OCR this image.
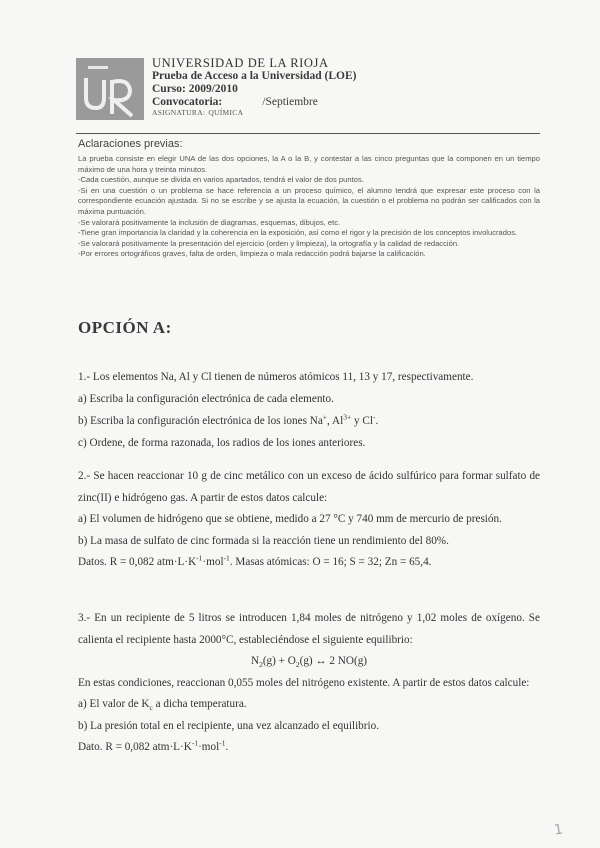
UNIVERSIDAD DE LA RIOJA
Prueba de Acceso a la Universidad (LOE)
Curso: 2009/2010
Convocatoria:	/Septiembre
ASIGNATURA: QUÍMICA
Aclaraciones previas:

La prueba consiste en elegir UNA de las dos opciones, la A o la B, y contestar a las cinco preguntas que la componen en un tiempo máximo de una hora y treinta minutos.

-Cada cuestión, aunque se divida en varios apartados, tendrá el valor de dos puntos.

-Si en una cuestión o un problema se hace referencia a un proceso químico, el alumno tendrá que expresar este proceso con la correspondiente ecuación ajustada. Si no se escribe y se ajusta la ecuación, la cuestión o el problema no podrán ser calificados con la máxima puntuación.

-Se valorará positivamente la inclusión de diagramas, esquemas, dibujos, etc.

-Tiene gran importancia la claridad y la coherencia en la exposición, así como el rigor y la precisión de los conceptos involucrados.

-Se valorará positivamente la presentación del ejercicio (orden y limpieza), la ortografía y la calidad de redacción.

-Por errores ortográficos graves, falta de orden, limpieza o mala redacción podrá bajarse la calificación.

OPCIÓN A:

1.- Los elementos Na, Al y Cl tienen de números atómicos 11, 13 y 17, respectivamente.

a) Escriba la configuración electrónica de cada elemento.

b) Escriba la configuración electrónica de los iones Na+, $Al^{3+}$ y Cl-.

c) Ordene, de forma razonada, los radios de los iones anteriores.

2.- Se hacen reaccionar 10 g de cinc metálico con un exceso de ácido sulfúrico para formar sulfato de zinc(II) e hidrógeno gas. A partir de estos datos calcule:

a) El volumen de hidrógeno que se obtiene, medido a 27 °C y 740 mm de mercurio de presión.

b) La masa de sulfato de cinc formada si la reacción tiene un rendimiento del 80%.

Datos. R = 0,082 $atm\cdot L\cdot K^{-1}\cdot mol^{-1}$. Masas atómicas: O = 16; S = 32; Zn = 65,4.

3.- En un recipiente de 5 litros se introducen 1,84 moles de nitrógeno y 1,02 moles de oxígeno. Se calienta el recipiente hasta 2000°C, estableciéndose el siguiente equilibrio:

$N_2(g) + O_2(g)$ ↔ 2 NO(g)

En estas condiciones, reaccionan 0,055 moles del nitrógeno existente. A partir de estos datos calcule:

a) El valor de $K_c$ a dicha temperatura.

b) La presión total en el recipiente, una vez alcanzado el equilibrio.

Dato. R = 0,082 $atm\cdot L\cdot K^{-1}\cdot mol^{-1}$.

1
